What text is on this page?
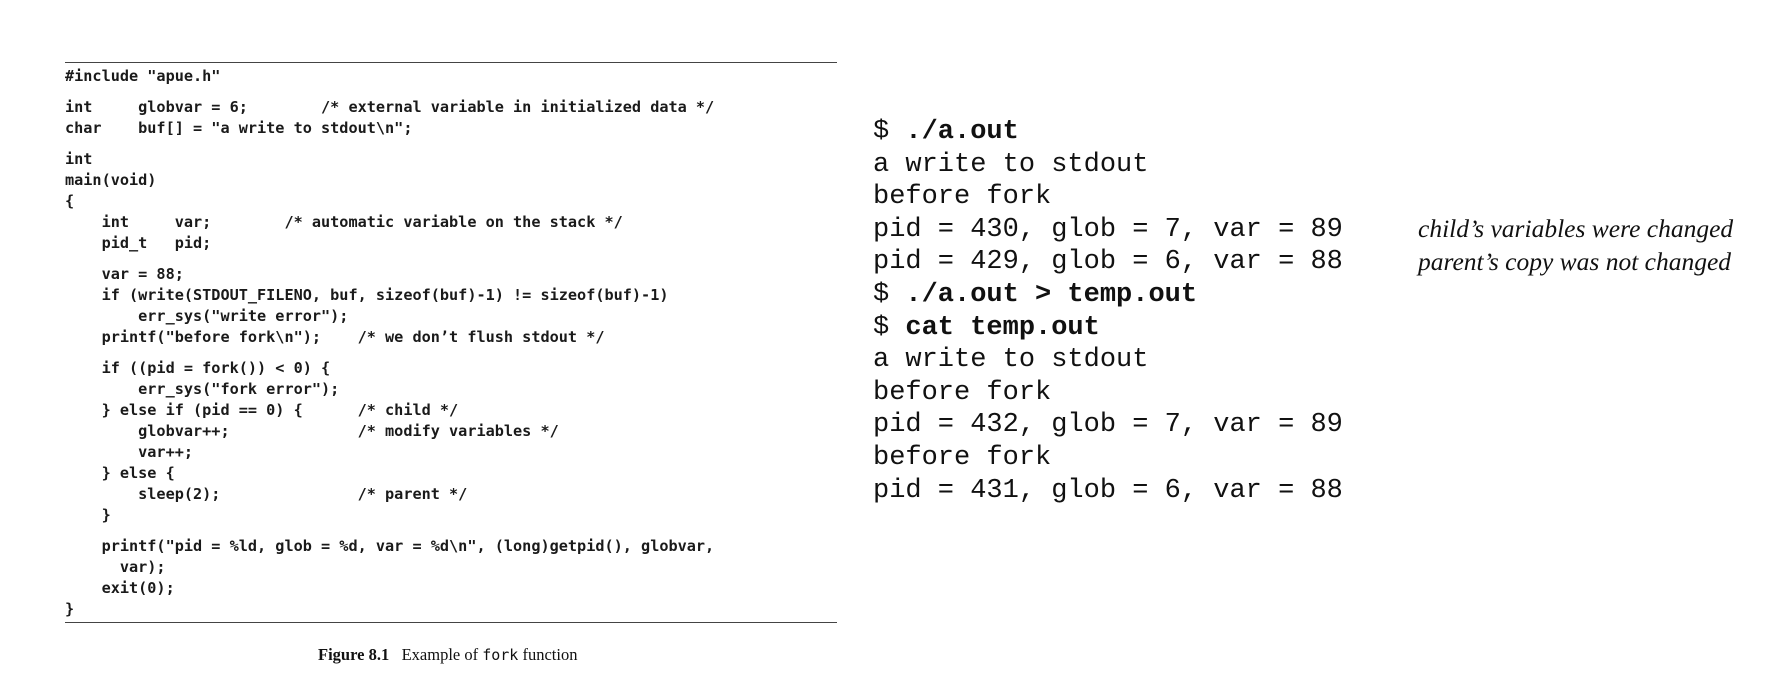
#include "apue.h"
int     globvar = 6;        /* external variable in initialized data */
char    buf[] = "a write to stdout\n";
int
main(void)
{
int     var;        /* automatic variable on the stack */
pid_t   pid;
var = 88;
if (write(STDOUT_FILENO, buf, sizeof(buf)-1) != sizeof(buf)-1)
err_sys("write error");
printf("before fork\n");    /* we don’t flush stdout */
if ((pid = fork()) < 0) {
err_sys("fork error");
} else if (pid == 0) {      /* child */
globvar++;              /* modify variables */
var++;
} else {
sleep(2);               /* parent */
}
printf("pid = %ld, glob = %d, var = %d\n", (long)getpid(), globvar,
var);
exit(0);
}
Figure 8.1 Example of fork function
$ ./a.out
a write to stdout
before fork
pid = 430, glob = 7, var = 89
pid = 429, glob = 6, var = 88
$ ./a.out > temp.out
$ cat temp.out
a write to stdout
before fork
pid = 432, glob = 7, var = 89
before fork
pid = 431, glob = 6, var = 88
child’s variables were changed
parent’s copy was not changed
